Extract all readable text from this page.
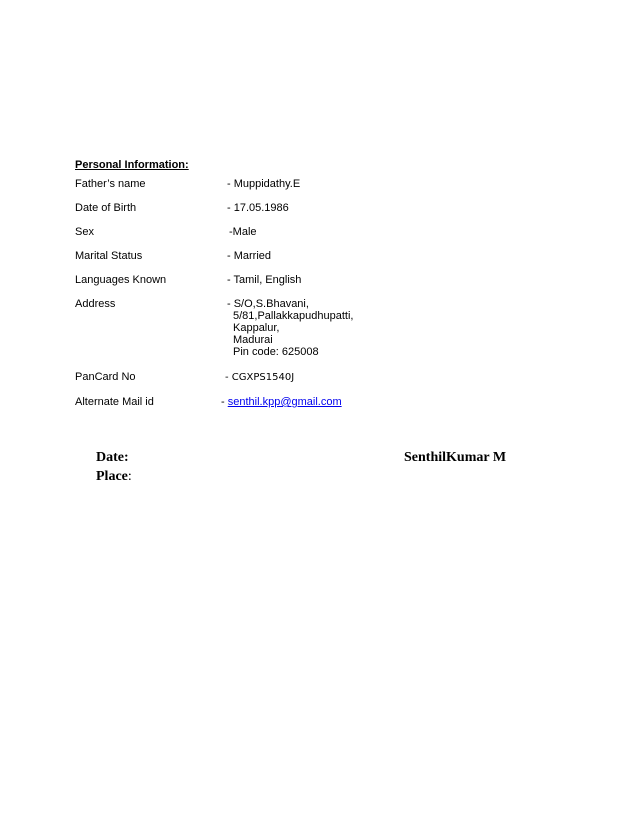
Personal Information:
Father’s name	- Muppidathy.E
Date of Birth	- 17.05.1986
Sex	-Male
Marital Status	- Married
Languages Known	- Tamil, English
Address	- S/O,S.Bhavani,
5/81,Pallakkapudhupatti,
Kappalur,
Madurai
Pin code: 625008
PanCard No	- CGXPS1540J
Alternate Mail id	- senthil.kpp@gmail.com
Date:
Place:
SenthilKumar M
